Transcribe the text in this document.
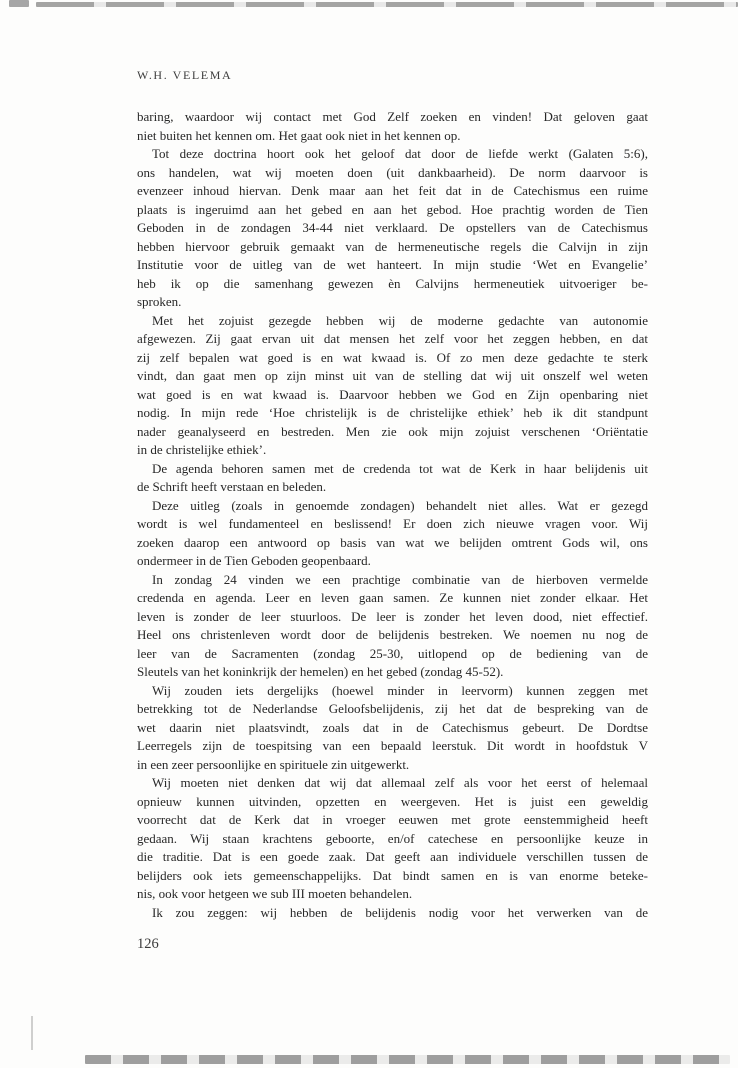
W.H. VELEMA
baring, waardoor wij contact met God Zelf zoeken en vinden! Dat geloven gaat
niet buiten het kennen om. Het gaat ook niet in het kennen op.
Tot deze doctrina hoort ook het geloof dat door de liefde werkt (Galaten 5:6),
ons handelen, wat wij moeten doen (uit dankbaarheid). De norm daarvoor is
evenzeer inhoud hiervan. Denk maar aan het feit dat in de Catechismus een ruime
plaats is ingeruimd aan het gebed en aan het gebod. Hoe prachtig worden de Tien
Geboden in de zondagen 34-44 niet verklaard. De opstellers van de Catechismus
hebben hiervoor gebruik gemaakt van de hermeneutische regels die Calvijn in zijn
Institutie voor de uitleg van de wet hanteert. In mijn studie ‘Wet en Evangelie’
heb ik op die samenhang gewezen èn Calvijns hermeneutiek uitvoeriger be-
sproken.
Met het zojuist gezegde hebben wij de moderne gedachte van autonomie
afgewezen. Zij gaat ervan uit dat mensen het zelf voor het zeggen hebben, en dat
zij zelf bepalen wat goed is en wat kwaad is. Of zo men deze gedachte te sterk
vindt, dan gaat men op zijn minst uit van de stelling dat wij uit onszelf wel weten
wat goed is en wat kwaad is. Daarvoor hebben we God en Zijn openbaring niet
nodig. In mijn rede ‘Hoe christelijk is de christelijke ethiek’ heb ik dit standpunt
nader geanalyseerd en bestreden. Men zie ook mijn zojuist verschenen ‘Oriëntatie
in de christelijke ethiek’.
De agenda behoren samen met de credenda tot wat de Kerk in haar belijdenis uit
de Schrift heeft verstaan en beleden.
Deze uitleg (zoals in genoemde zondagen) behandelt niet alles. Wat er gezegd
wordt is wel fundamenteel en beslissend! Er doen zich nieuwe vragen voor. Wij
zoeken daarop een antwoord op basis van wat we belijden omtrent Gods wil, ons
ondermeer in de Tien Geboden geopenbaard.
In zondag 24 vinden we een prachtige combinatie van de hierboven vermelde
credenda en agenda. Leer en leven gaan samen. Ze kunnen niet zonder elkaar. Het
leven is zonder de leer stuurloos. De leer is zonder het leven dood, niet effectief.
Heel ons christenleven wordt door de belijdenis bestreken. We noemen nu nog de
leer van de Sacramenten (zondag 25-30, uitlopend op de bediening van de
Sleutels van het koninkrijk der hemelen) en het gebed (zondag 45-52).
Wij zouden iets dergelijks (hoewel minder in leervorm) kunnen zeggen met
betrekking tot de Nederlandse Geloofsbelijdenis, zij het dat de bespreking van de
wet daarin niet plaatsvindt, zoals dat in de Catechismus gebeurt. De Dordtse
Leerregels zijn de toespitsing van een bepaald leerstuk. Dit wordt in hoofdstuk V
in een zeer persoonlijke en spirituele zin uitgewerkt.
Wij moeten niet denken dat wij dat allemaal zelf als voor het eerst of helemaal
opnieuw kunnen uitvinden, opzetten en weergeven. Het is juist een geweldig
voorrecht dat de Kerk dat in vroeger eeuwen met grote eenstemmigheid heeft
gedaan. Wij staan krachtens geboorte, en/of catechese en persoonlijke keuze in
die traditie. Dat is een goede zaak. Dat geeft aan individuele verschillen tussen de
belijders ook iets gemeenschappelijks. Dat bindt samen en is van enorme beteke-
nis, ook voor hetgeen we sub III moeten behandelen.
Ik zou zeggen: wij hebben de belijdenis nodig voor het verwerken van de
126
